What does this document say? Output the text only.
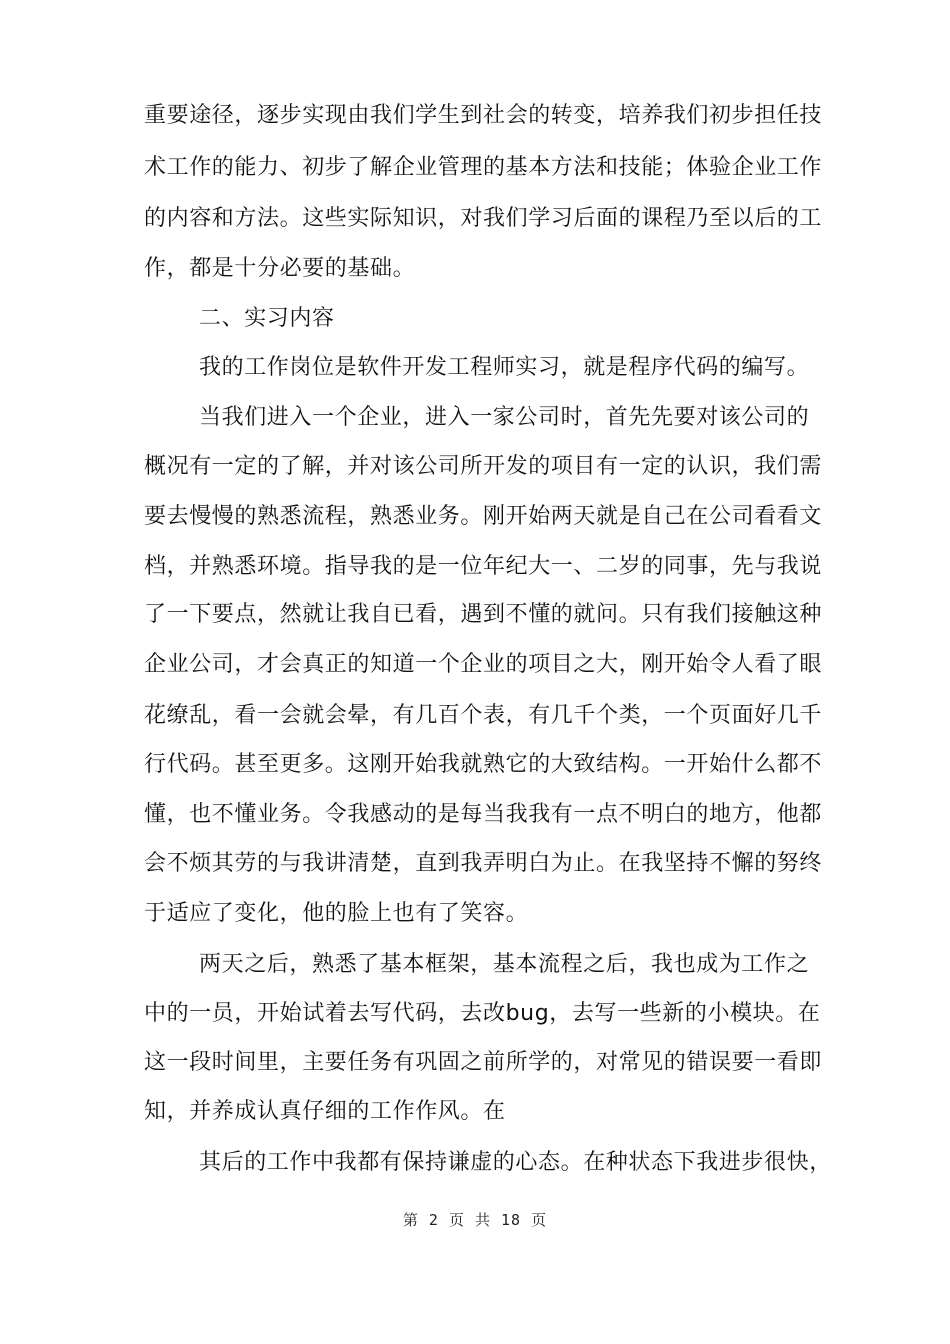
重要途径，逐步实现由我们学生到社会的转变，培养我们初步担任技
术工作的能力、初步了解企业管理的基本方法和技能；体验企业工作
的内容和方法。这些实际知识，对我们学习后面的课程乃至以后的工
作，都是十分必要的基础。
二、实习内容
我的工作岗位是软件开发工程师实习，就是程序代码的编写。
当我们进入一个企业，进入一家公司时，首先先要对该公司的
概况有一定的了解，并对该公司所开发的项目有一定的认识，我们需
要去慢慢的熟悉流程，熟悉业务。刚开始两天就是自己在公司看看文
档，并熟悉环境。指导我的是一位年纪大一、二岁的同事，先与我说
了一下要点，然就让我自已看，遇到不懂的就问。只有我们接触这种
企业公司，才会真正的知道一个企业的项目之大，刚开始令人看了眼
花缭乱，看一会就会晕，有几百个表，有几千个类，一个页面好几千
行代码。甚至更多。这刚开始我就熟它的大致结构。一开始什么都不
懂，也不懂业务。令我感动的是每当我我有一点不明白的地方，他都
会不烦其劳的与我讲清楚，直到我弄明白为止。在我坚持不懈的努终
于适应了变化，他的脸上也有了笑容。
两天之后，熟悉了基本框架，基本流程之后，我也成为工作之
中的一员，开始试着去写代码，去改bug，去写一些新的小模块。在
这一段时间里，主要任务有巩固之前所学的，对常见的错误要一看即
知，并养成认真仔细的工作作风。在
其后的工作中我都有保持谦虚的心态。在种状态下我进步很快，
第 2 页 共 18 页
